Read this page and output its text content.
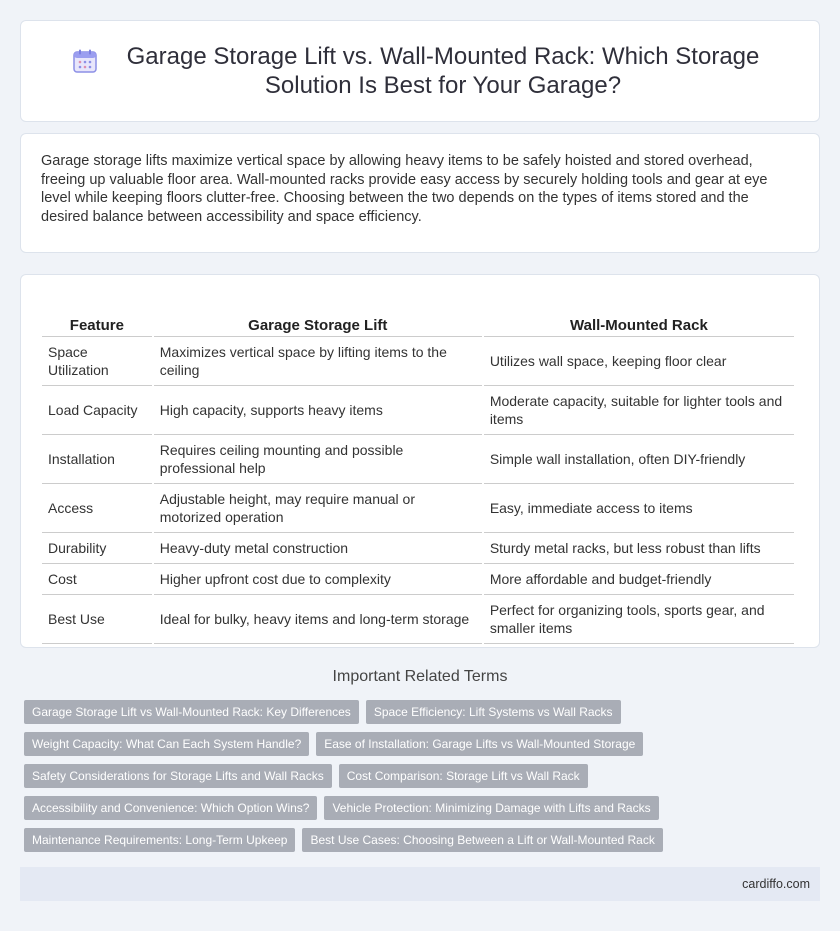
Garage Storage Lift vs. Wall-Mounted Rack: Which Storage Solution Is Best for Your Garage?

Garage storage lifts maximize vertical space by allowing heavy items to be safely hoisted and stored overhead, freeing up valuable floor area. Wall-mounted racks provide easy access by securely holding tools and gear at eye level while keeping floors clutter-free. Choosing between the two depends on the types of items stored and the desired balance between accessibility and space efficiency.

Feature	Garage Storage Lift	Wall-Mounted Rack
Space Utilization	Maximizes vertical space by lifting items to the ceiling	Utilizes wall space, keeping floor clear
Load Capacity	High capacity, supports heavy items	Moderate capacity, suitable for lighter tools and items
Installation	Requires ceiling mounting and possible professional help	Simple wall installation, often DIY-friendly
Access	Adjustable height, may require manual or motorized operation	Easy, immediate access to items
Durability	Heavy-duty metal construction	Sturdy metal racks, but less robust than lifts
Cost	Higher upfront cost due to complexity	More affordable and budget-friendly
Best Use	Ideal for bulky, heavy items and long-term storage	Perfect for organizing tools, sports gear, and smaller items
Important Related Terms
Garage Storage Lift vs Wall-Mounted Rack: Key Differences	Space Efficiency: Lift Systems vs Wall Racks
Weight Capacity: What Can Each System Handle?	Ease of Installation: Garage Lifts vs Wall-Mounted Storage
Safety Considerations for Storage Lifts and Wall Racks	Cost Comparison: Storage Lift vs Wall Rack
Accessibility and Convenience: Which Option Wins?	Vehicle Protection: Minimizing Damage with Lifts and Racks
Maintenance Requirements: Long-Term Upkeep	Best Use Cases: Choosing Between a Lift or Wall-Mounted Rack
cardiffo.com
